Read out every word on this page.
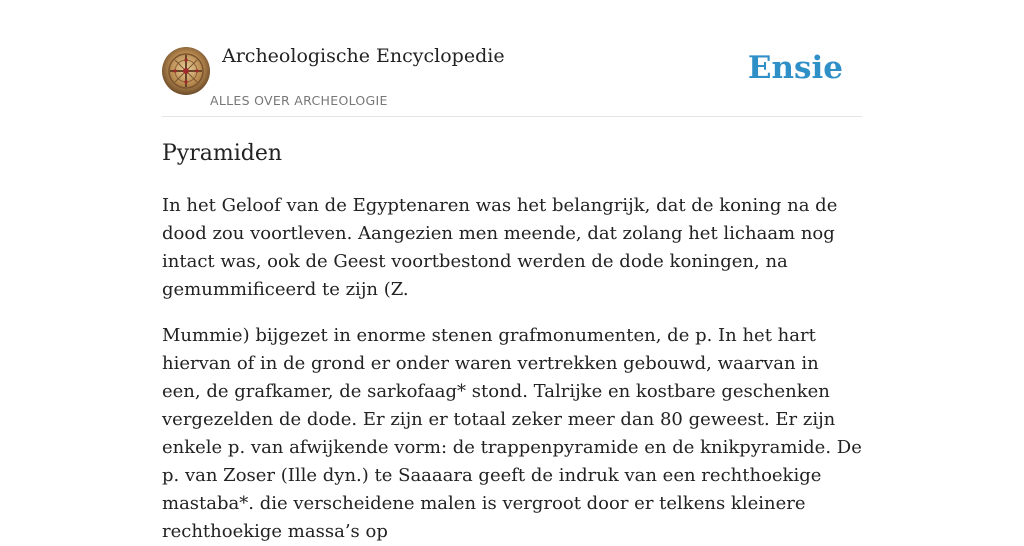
Archeologische Encyclopedie
ALLES OVER ARCHEOLOGIE
Ensie
Pyramiden

In het Geloof van de Egyptenaren was het belangrijk, dat de koning na de dood zou voortleven. Aangezien men meende, dat zolang het lichaam nog intact was, ook de Geest voortbestond werden de dode koningen, na gemummificeerd te zijn (Z.

Mummie) bijgezet in enorme stenen grafmonumenten, de p. In het hart hiervan of in de grond er onder waren vertrekken gebouwd, waarvan in een, de grafkamer, de sarkofaag* stond. Talrijke en kostbare geschenken vergezelden de dode. Er zijn er totaal zeker meer dan 80 geweest. Er zijn enkele p. van afwijkende vorm: de trappenpyramide en de knikpyramide. De p. van Zoser (Ille dyn.) te Saaaara geeft de indruk van een rechthoekige mastaba*. die verscheidene malen is vergroot door er telkens kleinere rechthoekige massa’s op
